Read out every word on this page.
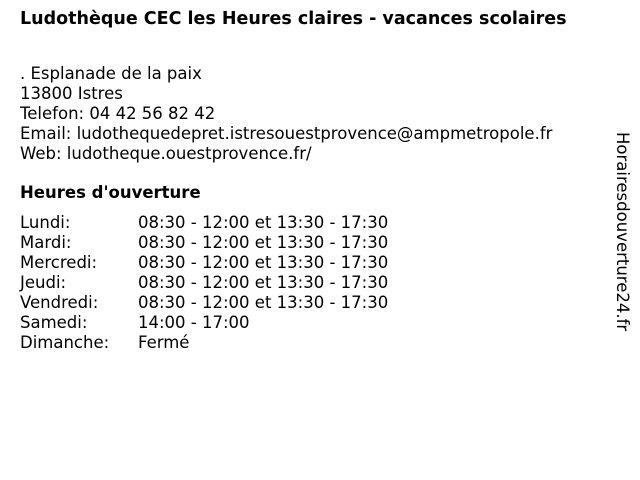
Ludothèque CEC les Heures claires - vacances scolaires
. Esplanade de la paix
13800 Istres
Telefon: 04 42 56 82 42
Email: ludothequedepret.istresouestprovence@ampmetropole.fr
Web: ludotheque.ouestprovence.fr/
Heures d'ouverture
Lundi:	08:30 - 12:00 et 13:30 - 17:30
Mardi:	08:30 - 12:00 et 13:30 - 17:30
Mercredi: 08:30 - 12:00 et 13:30 - 17:30
Jeudi:	08:30 - 12:00 et 13:30 - 17:30
Vendredi: 08:30 - 12:00 et 13:30 - 17:30
Samedi:	14:00 - 17:00
Dimanche: Fermé
Horairesdouverture24.fr
